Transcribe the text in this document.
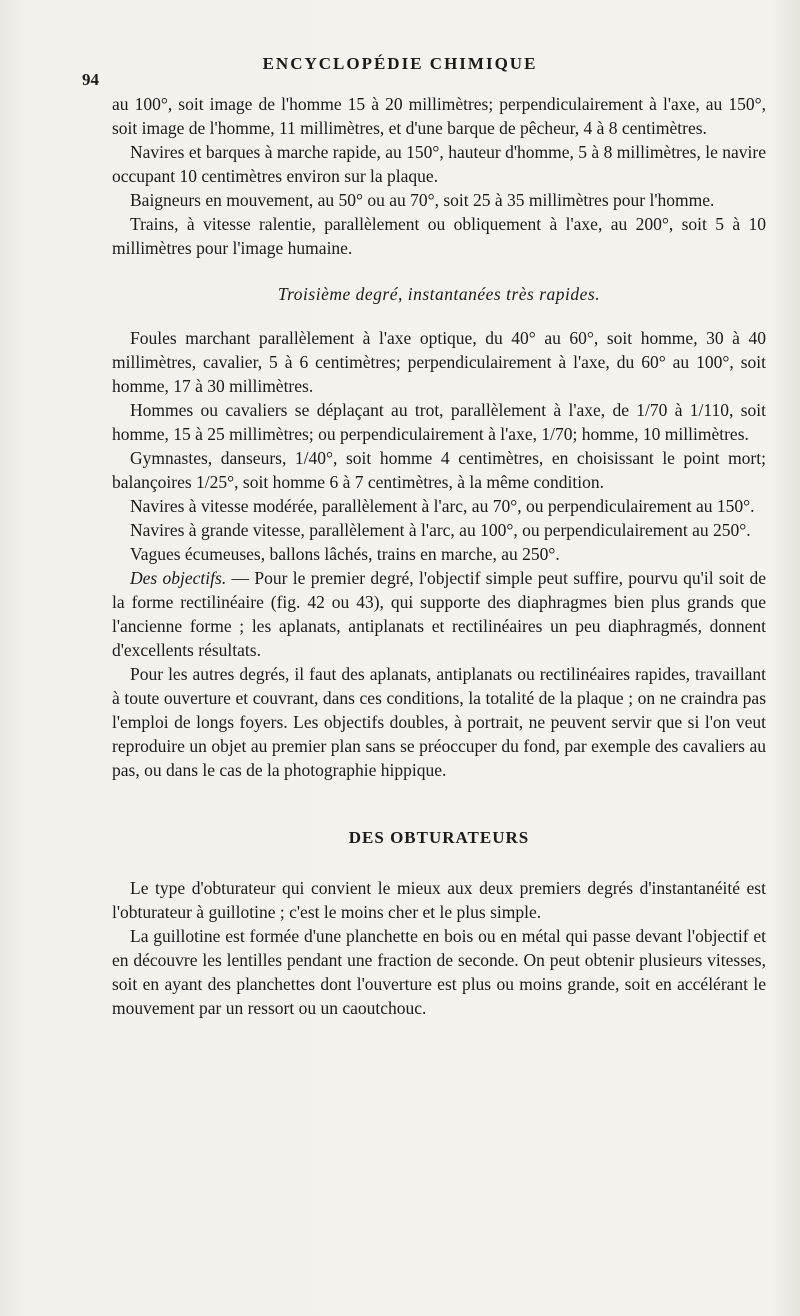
ENCYCLOPÉDIE CHIMIQUE
94

au 100°, soit image de l'homme 15 à 20 millimètres; perpendiculairement à l'axe, au 150°, soit image de l'homme, 11 millimètres, et d'une barque de pêcheur, 4 à 8 centimètres.

Navires et barques à marche rapide, au 150°, hauteur d'homme, 5 à 8 millimètres, le navire occupant 10 centimètres environ sur la plaque.

Baigneurs en mouvement, au 50° ou au 70°, soit 25 à 35 millimètres pour l'homme.

Trains, à vitesse ralentie, parallèlement ou obliquement à l'axe, au 200°, soit 5 à 10 millimètres pour l'image humaine.

Troisième degré, instantanées très rapides.

Foules marchant parallèlement à l'axe optique, du 40° au 60°, soit homme, 30 à 40 millimètres, cavalier, 5 à 6 centimètres; perpendiculairement à l'axe, du 60° au 100°, soit homme, 17 à 30 millimètres.

Hommes ou cavaliers se déplaçant au trot, parallèlement à l'axe, de 1/70 à 1/110, soit homme, 15 à 25 millimètres; ou perpendiculairement à l'axe, 1/70; homme, 10 millimètres.

Gymnastes, danseurs, 1/40°, soit homme 4 centimètres, en choisissant le point mort; balançoires 1/25°, soit homme 6 à 7 centimètres, à la même condition.

Navires à vitesse modérée, parallèlement à l'arc, au 70°, ou perpendiculairement au 150°.

Navires à grande vitesse, parallèlement à l'arc, au 100°, ou perpendiculairement au 250°.

Vagues écumeuses, ballons lâchés, trains en marche, au 250°.

Des objectifs. — Pour le premier degré, l'objectif simple peut suffire, pourvu qu'il soit de la forme rectilinéaire (fig. 42 ou 43), qui supporte des diaphragmes bien plus grands que l'ancienne forme ; les aplanats, antiplanats et rectilinéaires un peu diaphragmés, donnent d'excellents résultats.

Pour les autres degrés, il faut des aplanats, antiplanats ou rectilinéaires rapides, travaillant à toute ouverture et couvrant, dans ces conditions, la totalité de la plaque ; on ne craindra pas l'emploi de longs foyers. Les objectifs doubles, à portrait, ne peuvent servir que si l'on veut reproduire un objet au premier plan sans se préoccuper du fond, par exemple des cavaliers au pas, ou dans le cas de la photographie hippique.

DES OBTURATEURS

Le type d'obturateur qui convient le mieux aux deux premiers degrés d'instantanéité est l'obturateur à guillotine ; c'est le moins cher et le plus simple.

La guillotine est formée d'une planchette en bois ou en métal qui passe devant l'objectif et en découvre les lentilles pendant une fraction de seconde. On peut obtenir plusieurs vitesses, soit en ayant des planchettes dont l'ouverture est plus ou moins grande, soit en accélérant le mouvement par un ressort ou un caoutchouc.
